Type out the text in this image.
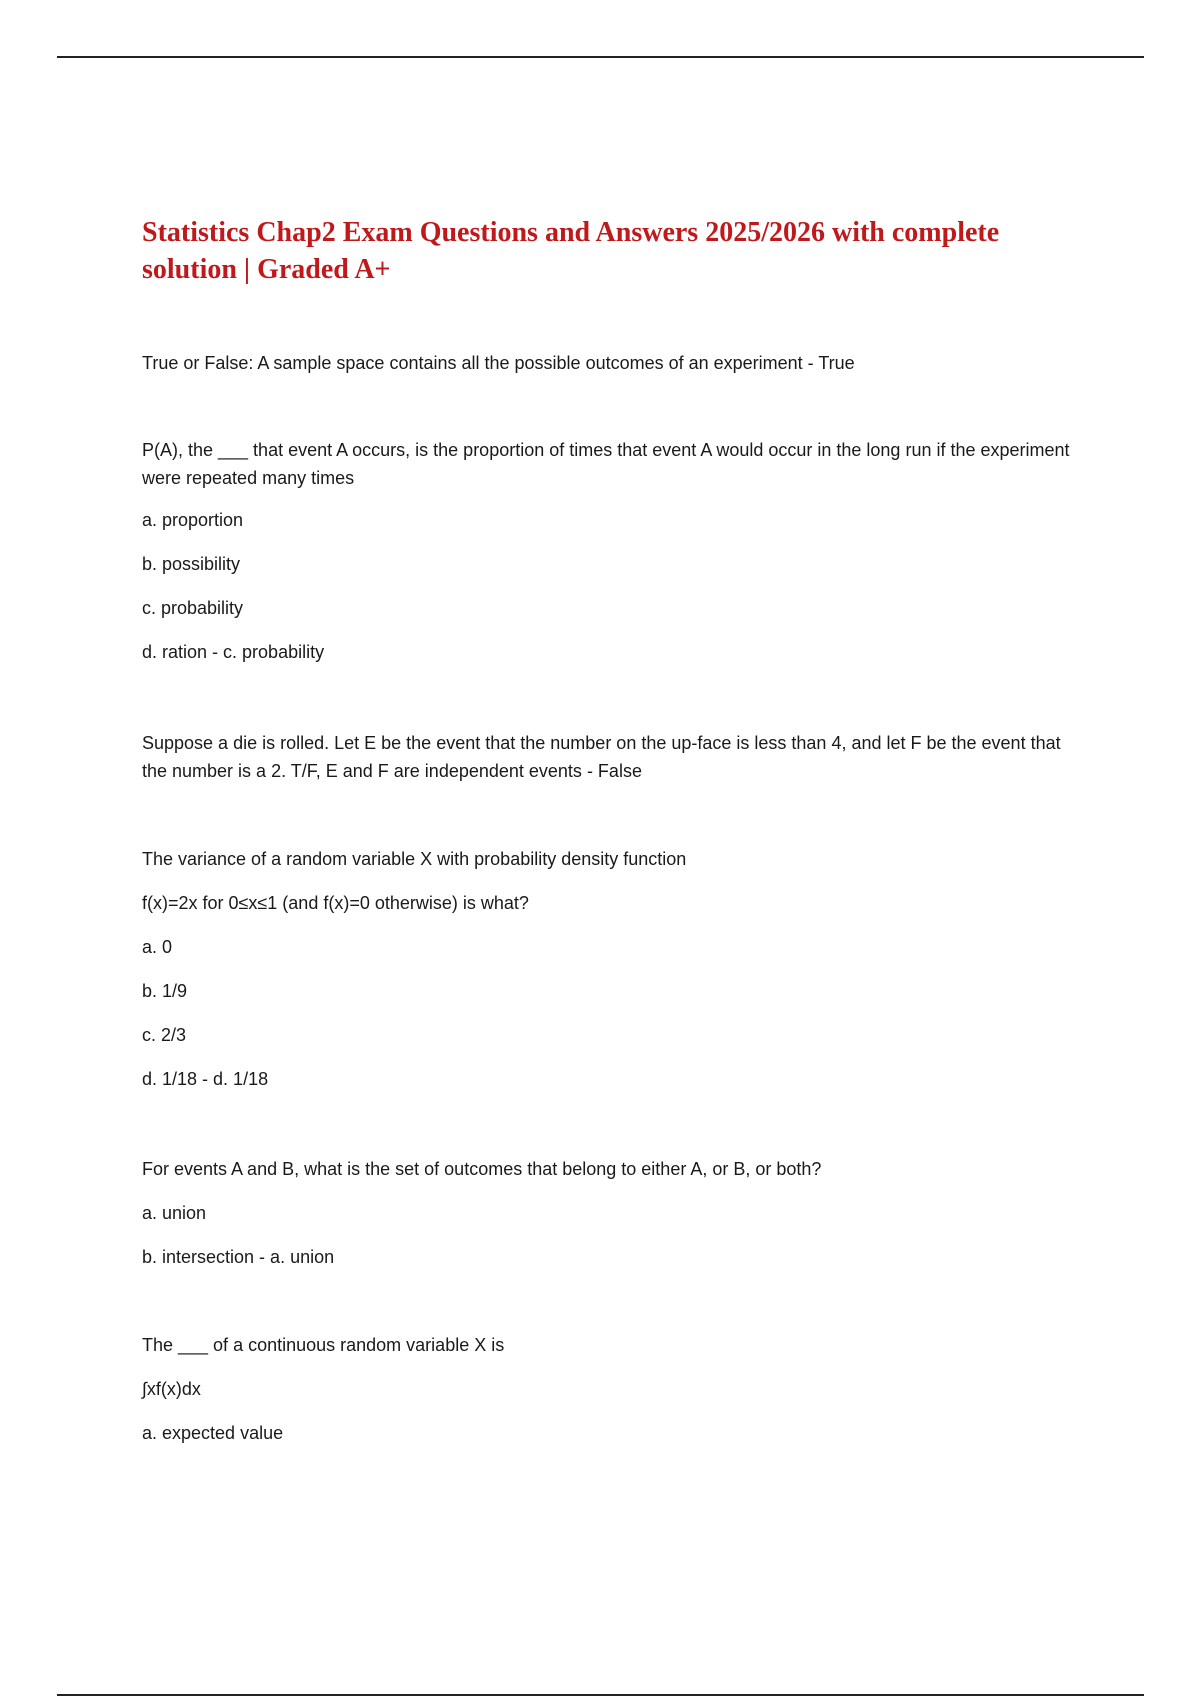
Statistics Chap2 Exam Questions and Answers 2025/2026 with complete solution | Graded A+

True or False: A sample space contains all the possible outcomes of an experiment - True

P(A), the ___ that event A occurs, is the proportion of times that event A would occur in the long run if the experiment were repeated many times

a. proportion

b. possibility

c. probability

d. ration - c. probability

Suppose a die is rolled. Let E be the event that the number on the up-face is less than 4, and let F be the event that the number is a 2. T/F, E and F are independent events - False

The variance of a random variable X with probability density function

f(x)=2x for 0≤x≤1 (and f(x)=0 otherwise) is what?

a. 0

b. 1/9

c. 2/3

d. 1/18 - d. 1/18

For events A and B, what is the set of outcomes that belong to either A, or B, or both?

a. union

b. intersection - a. union

The ___ of a continuous random variable X is

∫xf(x)dx

a. expected value
